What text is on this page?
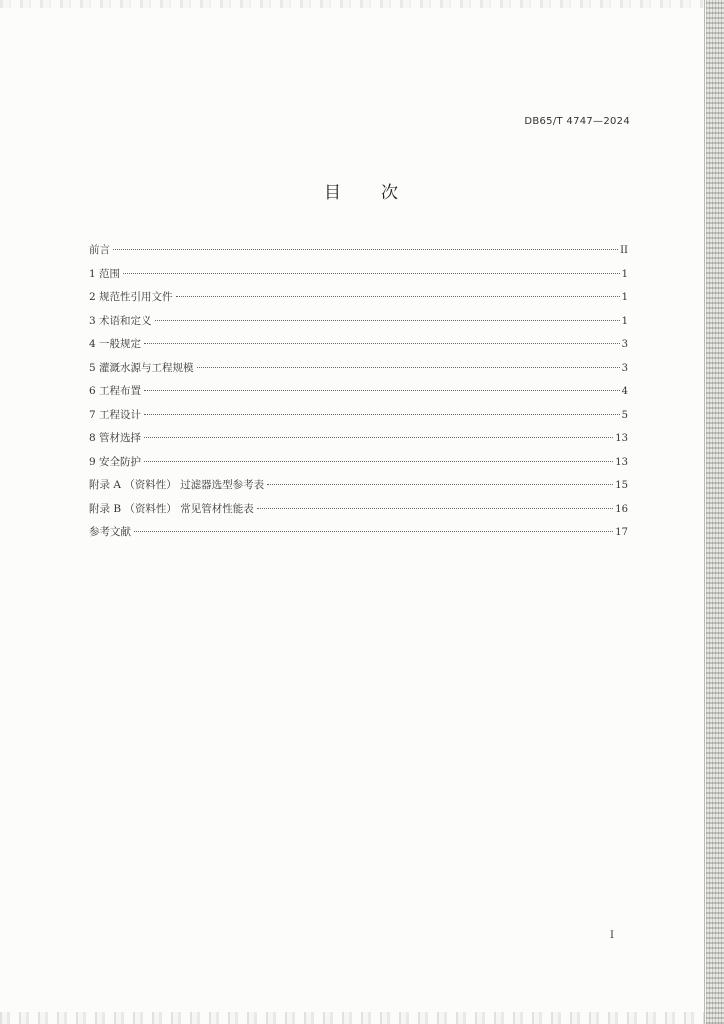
DB65/T 4747—2024
目 次
前言	II
1 范围	1
2 规范性引用文件	1
3 术语和定义	1
4 一般规定	3
5 灌溉水源与工程规模	3
6 工程布置	4
7 工程设计	5
8 管材选择	13
9 安全防护	13
附录 A （资料性） 过滤器选型参考表	15
附录 B （资料性） 常见管材性能表	16
参考文献	17
I
